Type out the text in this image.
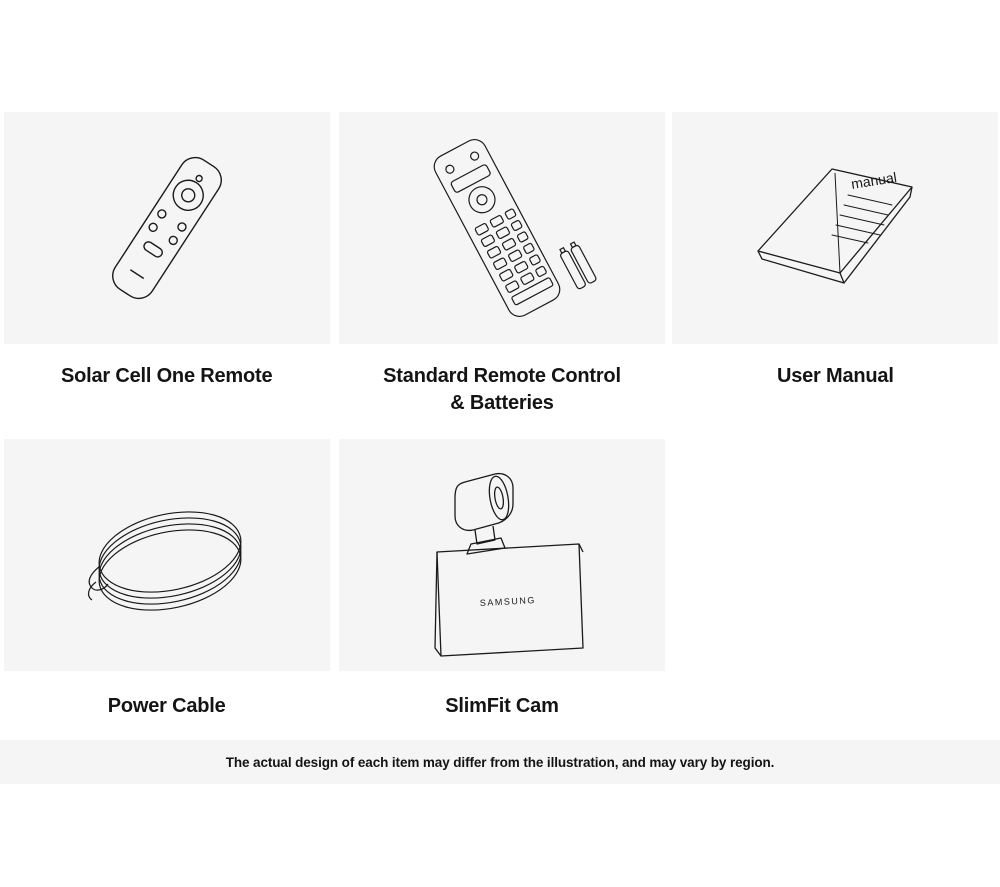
Solar Cell One Remote	Standard Remote Control
& Batteries
manual
User Manual
Power Cable
SAMSUNG
SlimFit Cam
The actual design of each item may differ from the illustration, and may vary by region.
